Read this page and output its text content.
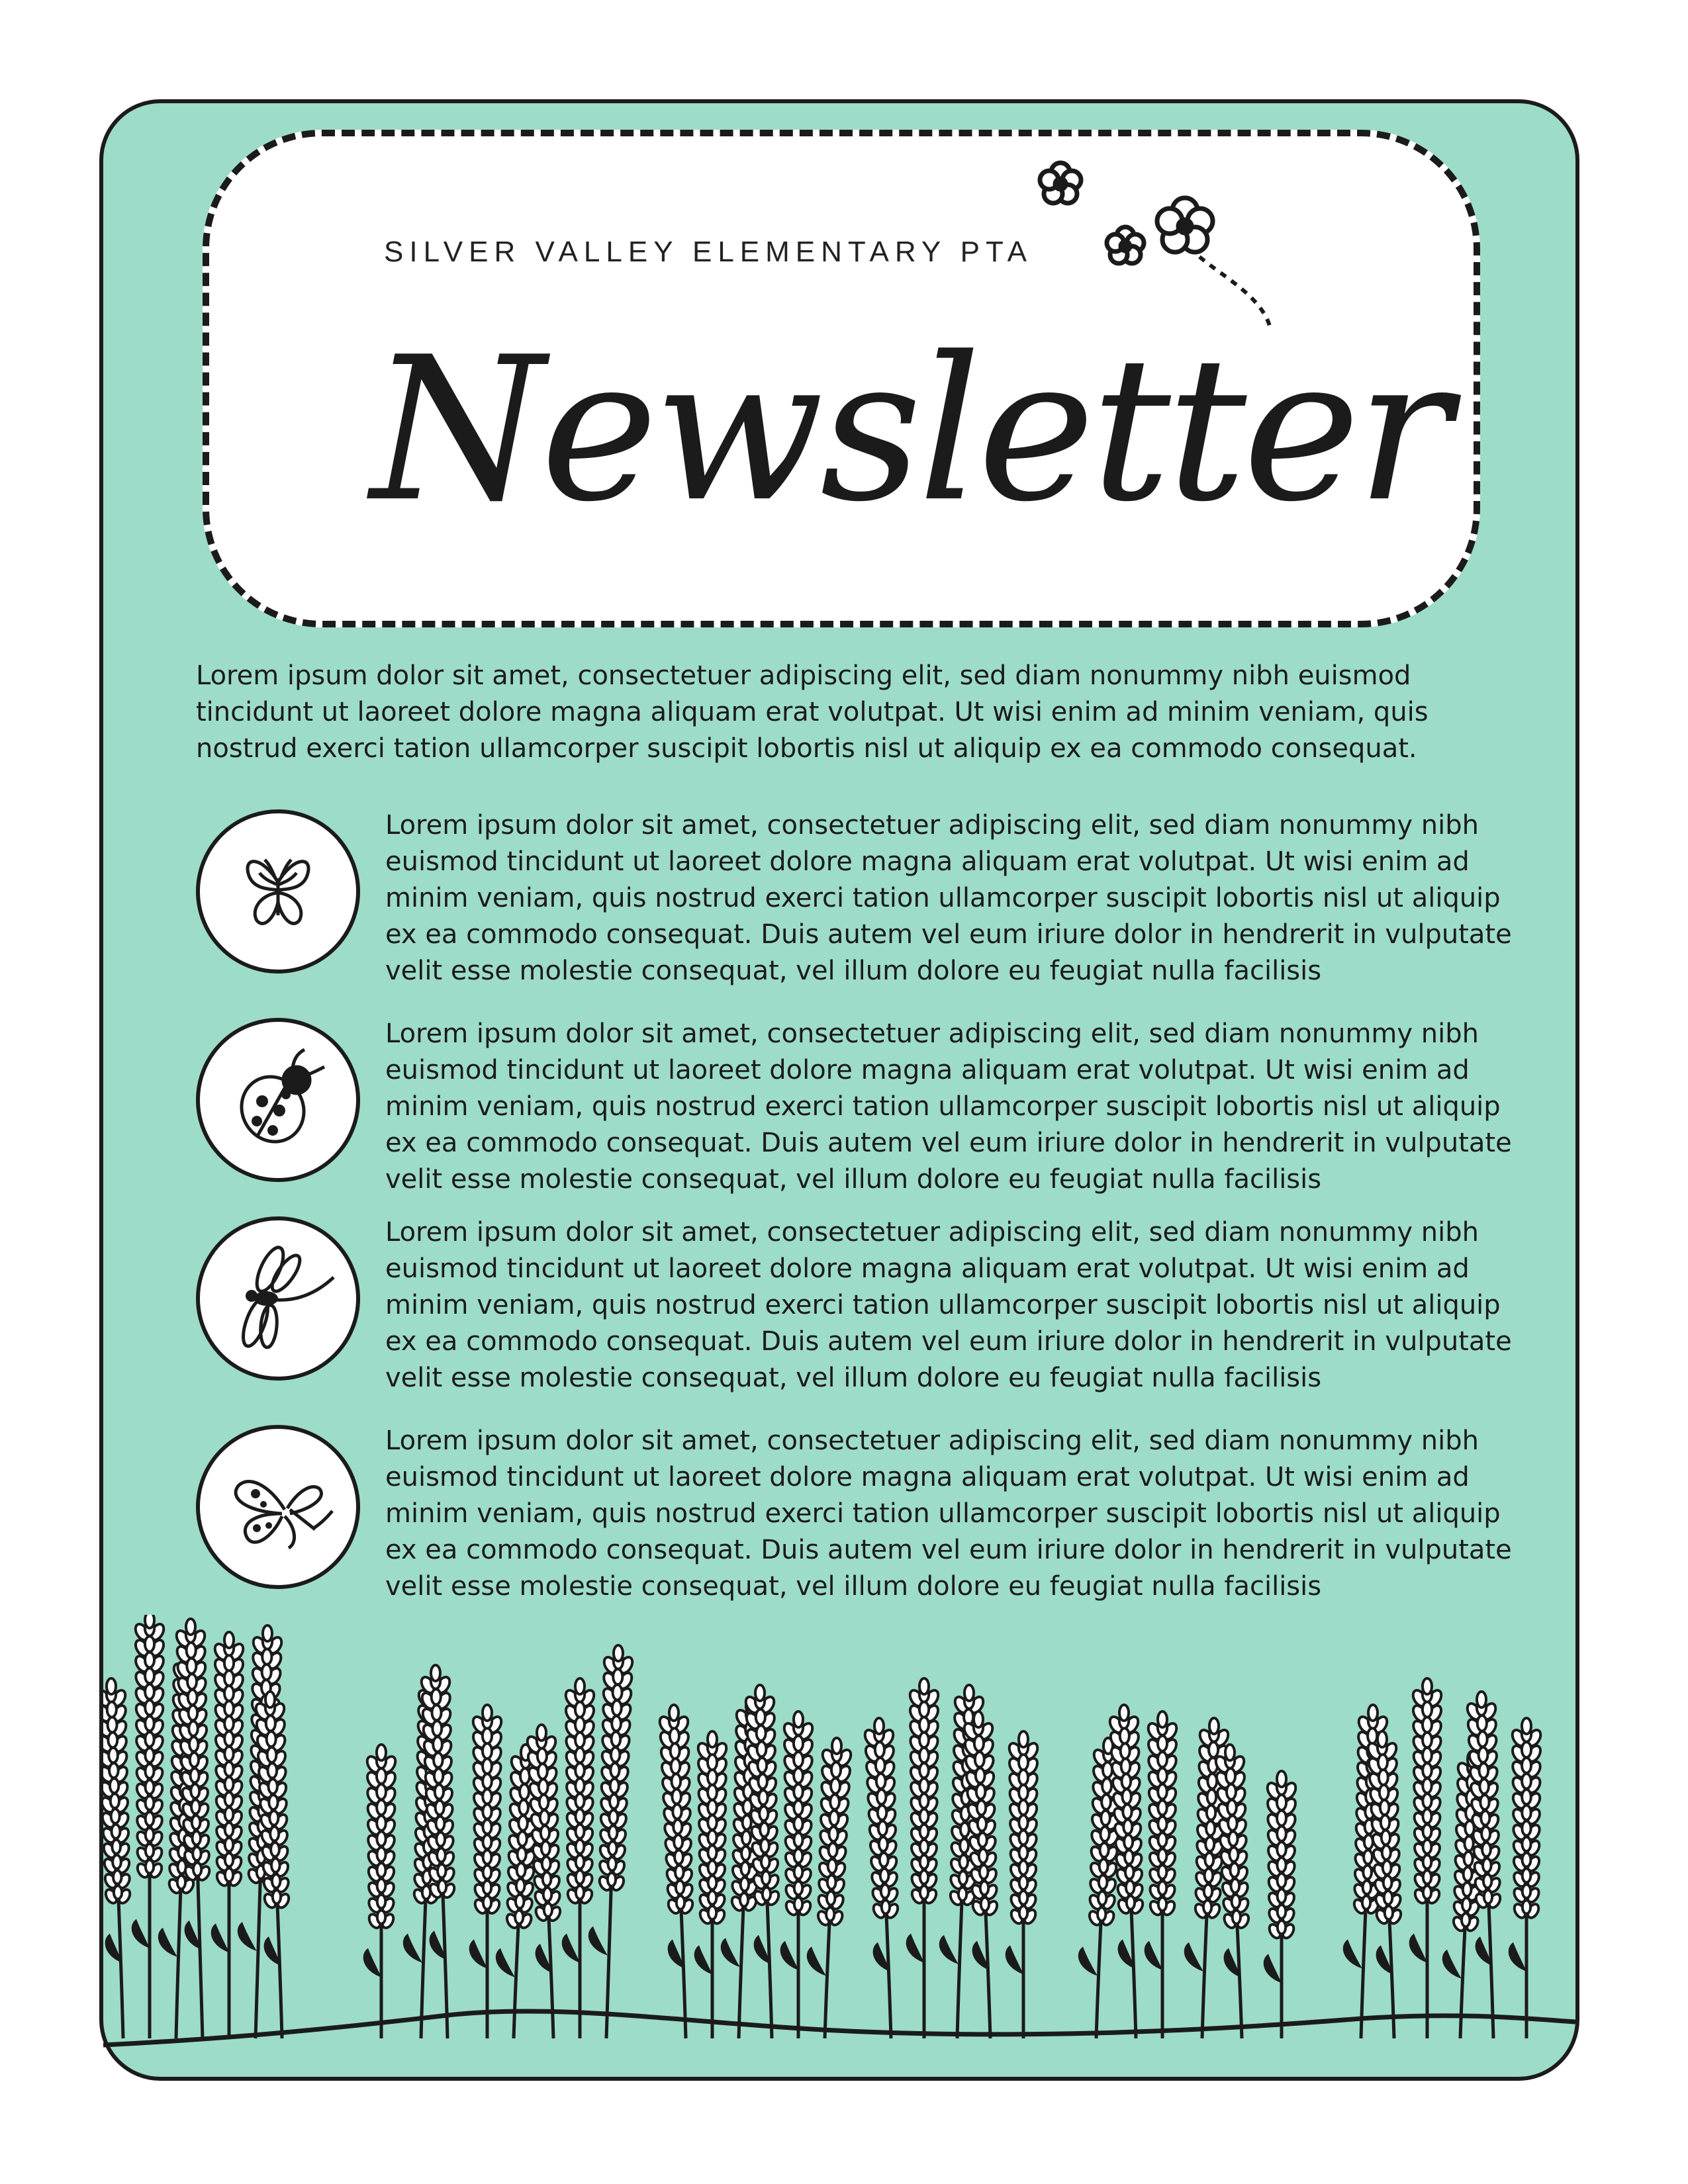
SILVER VALLEY ELEMENTARY PTA
Newsletter
Lorem ipsum dolor sit amet, consectetuer adipiscing elit, sed diam nonummy nibh euismod tincidunt ut laoreet dolore magna aliquam erat volutpat. Ut wisi enim ad minim veniam, quis nostrud exerci tation ullamcorper suscipit lobortis nisl ut aliquip ex ea commodo consequat.
Lorem ipsum dolor sit amet, consectetuer adipiscing elit, sed diam nonummy nibh euismod tincidunt ut laoreet dolore magna aliquam erat volutpat. Ut wisi enim ad minim veniam, quis nostrud exerci tation ullamcorper suscipit lobortis nisl ut aliquip ex ea commodo consequat. Duis autem vel eum iriure dolor in hendrerit in vulputate velit esse molestie consequat, vel illum dolore eu feugiat nulla facilisis
Lorem ipsum dolor sit amet, consectetuer adipiscing elit, sed diam nonummy nibh euismod tincidunt ut laoreet dolore magna aliquam erat volutpat. Ut wisi enim ad minim veniam, quis nostrud exerci tation ullamcorper suscipit lobortis nisl ut aliquip ex ea commodo consequat. Duis autem vel eum iriure dolor in hendrerit in vulputate velit esse molestie consequat, vel illum dolore eu feugiat nulla facilisis
Lorem ipsum dolor sit amet, consectetuer adipiscing elit, sed diam nonummy nibh euismod tincidunt ut laoreet dolore magna aliquam erat volutpat. Ut wisi enim ad minim veniam, quis nostrud exerci tation ullamcorper suscipit lobortis nisl ut aliquip ex ea commodo consequat. Duis autem vel eum iriure dolor in hendrerit in vulputate velit esse molestie consequat, vel illum dolore eu feugiat nulla facilisis
Lorem ipsum dolor sit amet, consectetuer adipiscing elit, sed diam nonummy nibh euismod tincidunt ut laoreet dolore magna aliquam erat volutpat. Ut wisi enim ad minim veniam, quis nostrud exerci tation ullamcorper suscipit lobortis nisl ut aliquip ex ea commodo consequat. Duis autem vel eum iriure dolor in hendrerit in vulputate velit esse molestie consequat, vel illum dolore eu feugiat nulla facilisis
